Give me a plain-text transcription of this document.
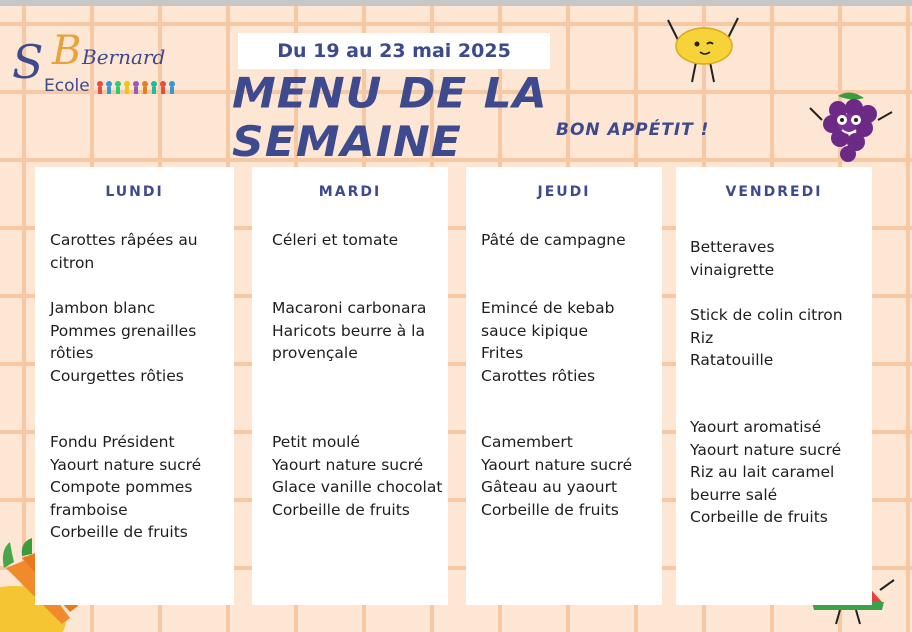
S B Bernard
Ecole
Du 19 au 23 mai 2025
MENU DE LA SEMAINE	BON APPÉTIT !
LUNDI

Carottes râpées au
citron

Jambon blanc
Pommes grenailles
rôties
Courgettes rôties

Fondu Président
Yaourt nature sucré
Compote pommes
framboise
Corbeille de fruits

MARDI

Céleri et tomate

Macaroni carbonara
Haricots beurre à la
provençale

Petit moulé
Yaourt nature sucré
Glace vanille chocolat
Corbeille de fruits

JEUDI

Pâté de campagne

Emincé de kebab
sauce kipique
Frites
Carottes rôties

Camembert
Yaourt nature sucré
Gâteau au yaourt
Corbeille de fruits

VENDREDI

Betteraves
vinaigrette

Stick de colin citron
Riz
Ratatouille

Yaourt aromatisé
Yaourt nature sucré
Riz au lait caramel
beurre salé
Corbeille de fruits
